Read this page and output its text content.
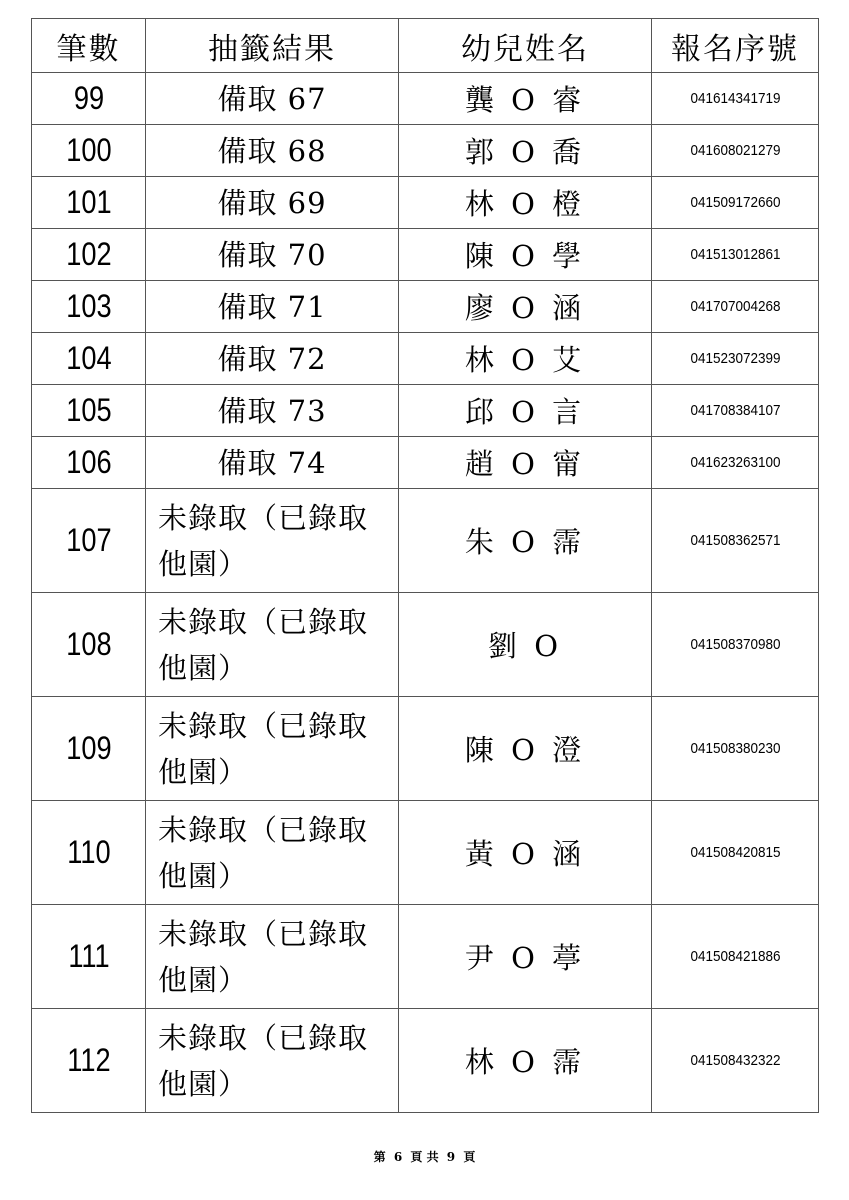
筆數	抽籤結果	幼兒姓名	報名序號
99	備取 67	龔 O 睿	041614341719
100	備取 68	郭 O 喬	041608021279
101	備取 69	林 O 橙	041509172660
102	備取 70	陳 O 學	041513012861
103	備取 71	廖 O 涵	041707004268
104	備取 72	林 O 艾	041523072399
105	備取 73	邱 O 言	041708384107
106	備取 74	趙 O 甯	041623263100
107	未錄取（已錄取他園）	朱 O 霈	041508362571
108	未錄取（已錄取他園）	劉 O	041508370980
109	未錄取（已錄取他園）	陳 O 澄	041508380230
110	未錄取（已錄取他園）	黃 O 涵	041508420815
111	未錄取（已錄取他園）	尹 O 葶	041508421886
112	未錄取（已錄取他園）	林 O 霈	041508432322
第 6 頁 共 9 頁
